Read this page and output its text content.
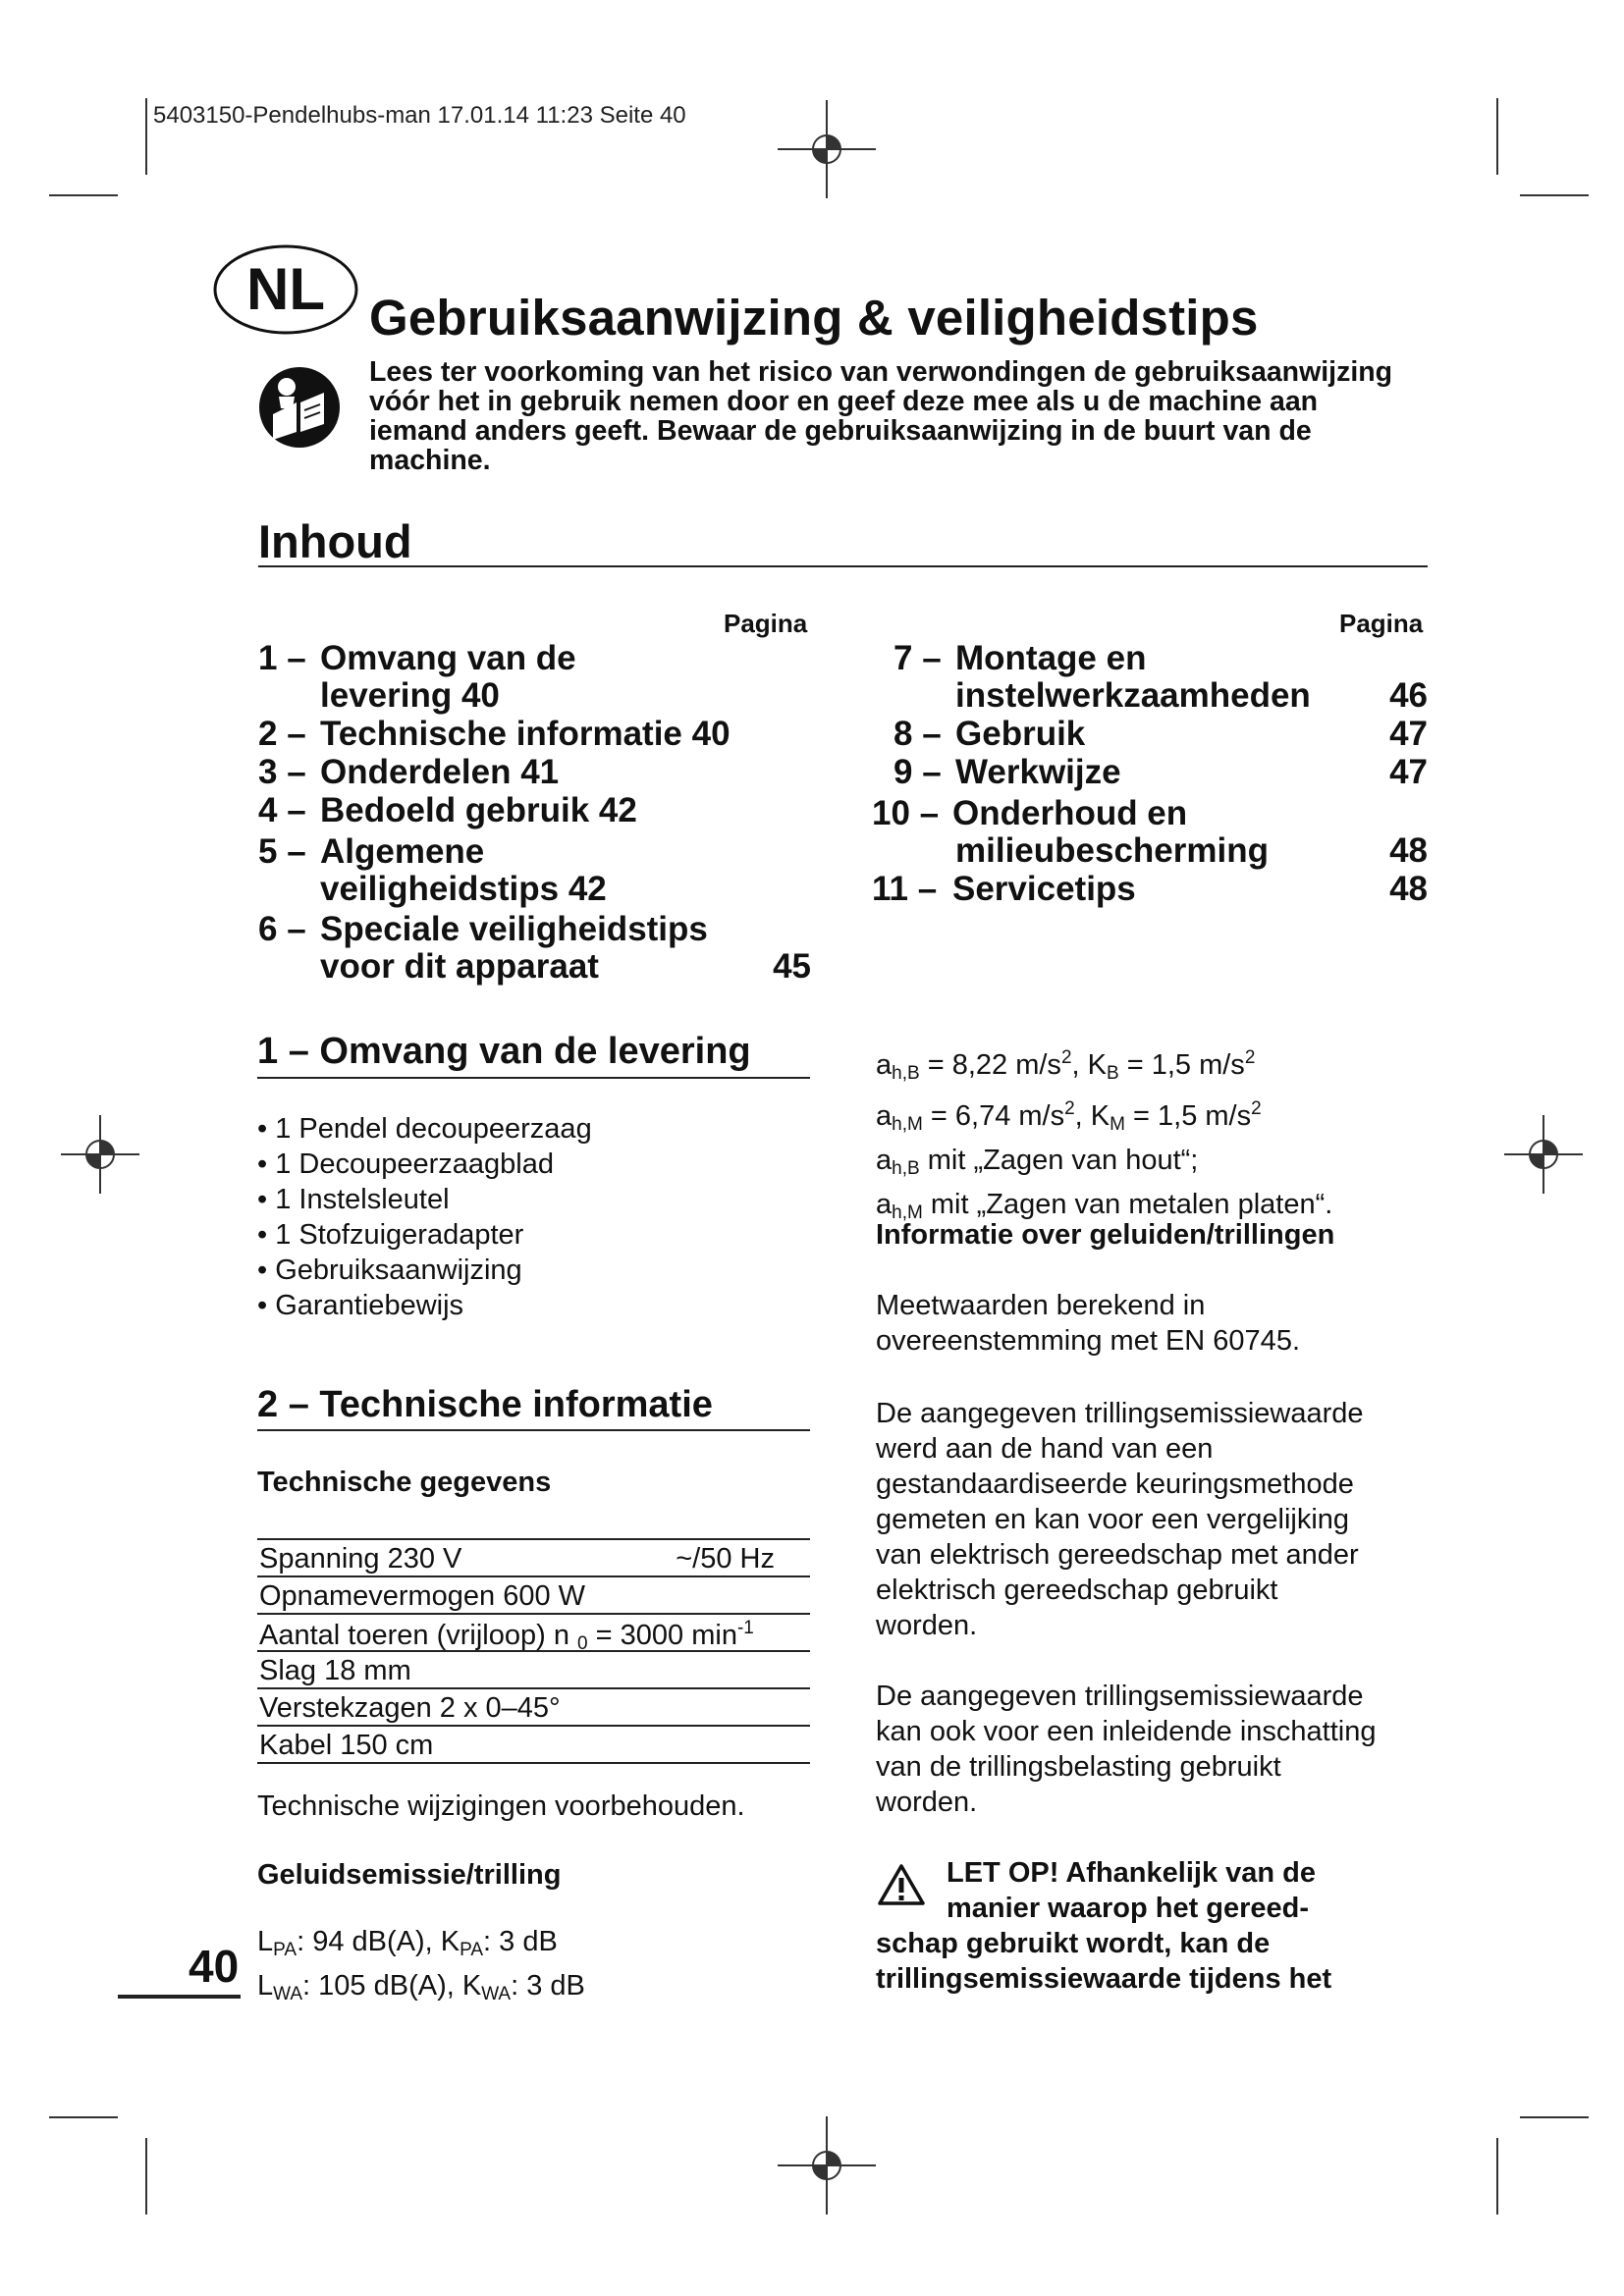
5403150-Pendelhubs-man 17.01.14 11:23 Seite 40
NL Gebruiksaanwijzing & veiligheidstips
Lees ter voorkoming van het risico van verwondingen de gebruiksaanwijzing
vóór het in gebruik nemen door en geef deze mee als u de machine aan
iemand anders geeft. Bewaar de gebruiksaanwijzing in de buurt van de
machine.
Inhoud
Pagina	Pagina
1 – Omvang van de
levering 40
2 – Technische informatie 40
3 – Onderdelen 41
4 – Bedoeld gebruik 42
5 – Algemene
veiligheidstips 42
6 – Speciale veiligheidstips
voor dit apparaat	45
7 – Montage en
instelwerkzaamheden 46
8 – Gebruik	47
9 – Werkwijze	47
10 – Onderhoud en
milieubescherming	48
11 – Servicetips	48
1 – Omvang van de levering
• 1 Pendel decoupeerzaag
• 1 Decoupeerzaagblad
• 1 Instelsleutel
• 1 Stofzuigeradapter
• Gebruiksaanwijzing
• Garantiebewijs
2 – Technische informatie
Technische gegevens
Spanning 230 V	~/50 Hz
Opnamevermogen 600 W
Aantal toeren (vrijloop) n $_0$ = 3000 $\min^{-1}$
Slag 18 mm
Verstekzagen 2 x 0–45°
Kabel 150 cm
Technische wijzigingen voorbehouden.
Geluidsemissie/trilling
$L_{PA}$: 94 dB(A), $K_{PA}$: 3 dB
$L_{WA}$: 105 dB(A), $K_{WA}$: 3 dB
40
$a_{h,B} = 8,22$ $m/s^2$, $K_B = 1,5$ $m/s^2$
$a_{h,M} = 6,74$ $m/s^2$, $K_M = 1,5$ $m/s^2$
$a_{h,B}$ mit „Zagen van hout“;
$a_{h,M}$ mit „Zagen van metalen platen“.
Informatie over geluiden/trillingen
Meetwaarden berekend in
overeenstemming met EN 60745.
De aangegeven trillingsemissiewaarde
werd aan de hand van een
gestandaardiseerde keuringsmethode
gemeten en kan voor een vergelijking
van elektrisch gereedschap met ander
elektrisch gereedschap gebruikt
worden.
De aangegeven trillingsemissiewaarde
kan ook voor een inleidende inschatting
van de trillingsbelasting gebruikt
worden.
LET OP! Afhankelijk van de
manier waarop het gereed-
schap gebruikt wordt, kan de
trillingsemissiewaarde tijdens het
